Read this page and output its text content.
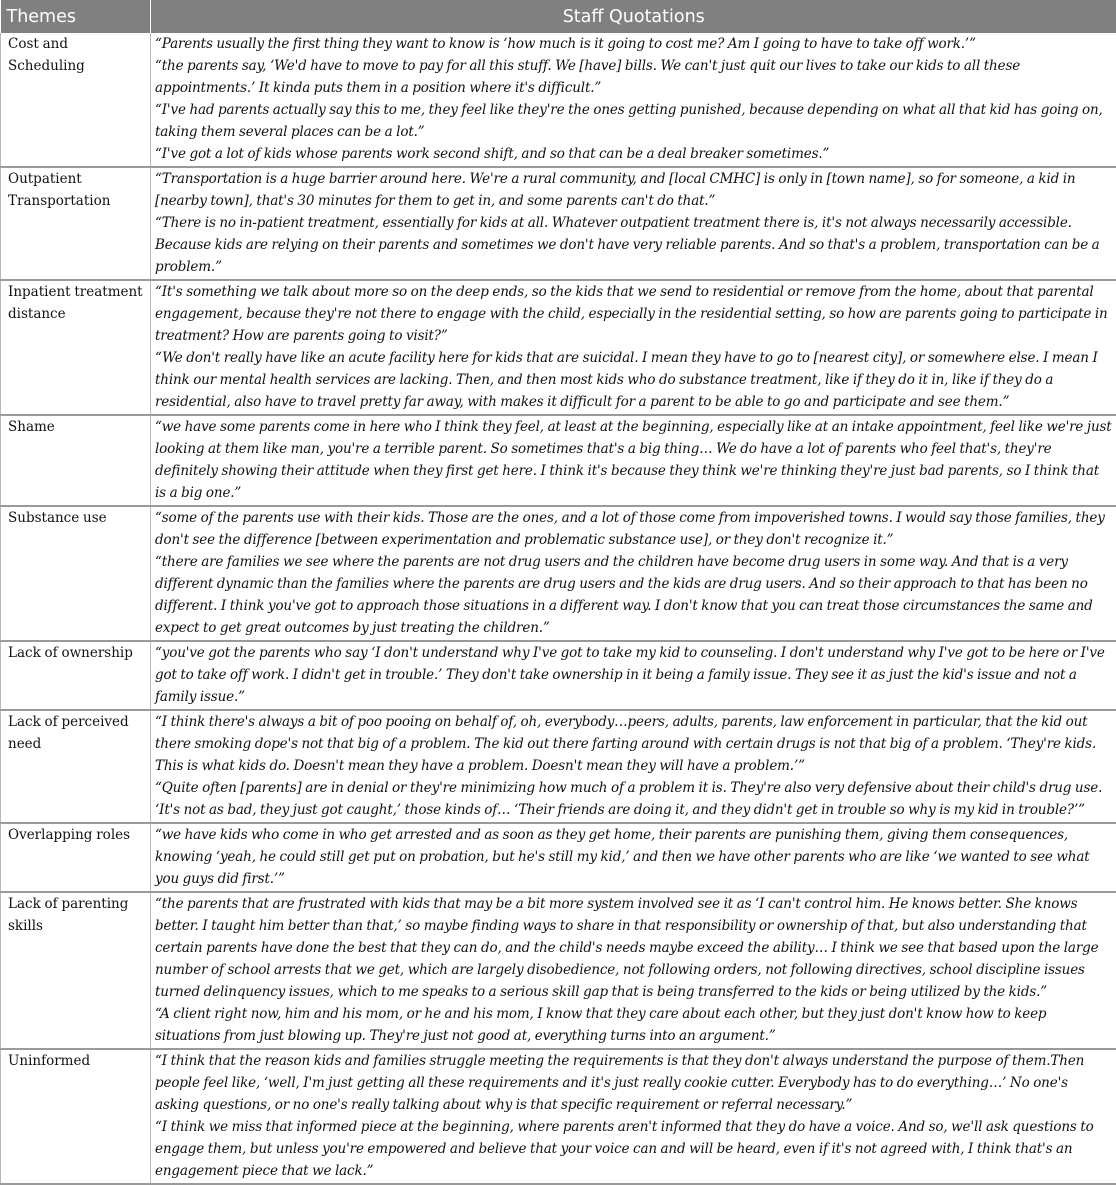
Themes	Staff Quotations
Cost and Scheduling	“Parents usually the first thing they want to know is ‘how much is it going to cost me? Am I going to have to take off work.’”
“the parents say, ‘We'd have to move to pay for all this stuff. We [have] bills. We can't just quit our lives to take our kids to all these appointments.’ It kinda puts them in a position where it's difficult.”
“I've had parents actually say this to me, they feel like they're the ones getting punished, because depending on what all that kid has going on, taking them several places can be a lot.”
“I've got a lot of kids whose parents work second shift, and so that can be a deal breaker sometimes.”

Outpatient Transportation	“Transportation is a huge barrier around here. We're a rural community, and [local CMHC] is only in [town name], so for someone, a kid in [nearby town], that's 30 minutes for them to get in, and some parents can't do that.”
“There is no in-patient treatment, essentially for kids at all. Whatever outpatient treatment there is, it's not always necessarily accessible. Because kids are relying on their parents and sometimes we don't have very reliable parents. And so that's a problem, transportation can be a problem.”

Inpatient treatment distance	“It's something we talk about more so on the deep ends, so the kids that we send to residential or remove from the home, about that parental engagement, because they're not there to engage with the child, especially in the residential setting, so how are parents going to participate in treatment? How are parents going to visit?”
“We don't really have like an acute facility here for kids that are suicidal. I mean they have to go to [nearest city], or somewhere else. I mean I think our mental health services are lacking. Then, and then most kids who do substance treatment, like if they do it in, like if they do a residential, also have to travel pretty far away, with makes it difficult for a parent to be able to go and participate and see them.”

Shame	“we have some parents come in here who I think they feel, at least at the beginning, especially like at an intake appointment, feel like we're just looking at them like man, you're a terrible parent. So sometimes that's a big thing… We do have a lot of parents who feel that's, they're definitely showing their attitude when they first get here. I think it's because they think we're thinking they're just bad parents, so I think that is a big one.”

Substance use	“some of the parents use with their kids. Those are the ones, and a lot of those come from impoverished towns. I would say those families, they don't see the difference [between experimentation and problematic substance use], or they don't recognize it.”
“there are families we see where the parents are not drug users and the children have become drug users in some way. And that is a very different dynamic than the families where the parents are drug users and the kids are drug users. And so their approach to that has been no different. I think you've got to approach those situations in a different way. I don't know that you can treat those circumstances the same and expect to get great outcomes by just treating the children.”

Lack of ownership	“you've got the parents who say ‘I don't understand why I've got to take my kid to counseling. I don't understand why I've got to be here or I've got to take off work. I didn't get in trouble.’ They don't take ownership in it being a family issue. They see it as just the kid's issue and not a family issue.”

Lack of perceived need	“I think there's always a bit of poo pooing on behalf of, oh, everybody…peers, adults, parents, law enforcement in particular, that the kid out there smoking dope's not that big of a problem. The kid out there farting around with certain drugs is not that big of a problem. ‘They're kids. This is what kids do. Doesn't mean they have a problem. Doesn't mean they will have a problem.’”
“Quite often [parents] are in denial or they're minimizing how much of a problem it is. They're also very defensive about their child's drug use. ‘It's not as bad, they just got caught,’ those kinds of… ‘Their friends are doing it, and they didn't get in trouble so why is my kid in trouble?’”

Overlapping roles	“we have kids who come in who get arrested and as soon as they get home, their parents are punishing them, giving them consequences, knowing ‘yeah, he could still get put on probation, but he's still my kid,’ and then we have other parents who are like ‘we wanted to see what you guys did first.’”

Lack of parenting skills	“the parents that are frustrated with kids that may be a bit more system involved see it as ‘I can't control him. He knows better. She knows better. I taught him better than that,’ so maybe finding ways to share in that responsibility or ownership of that, but also understanding that certain parents have done the best that they can do, and the child's needs maybe exceed the ability… I think we see that based upon the large number of school arrests that we get, which are largely disobedience, not following orders, not following directives, school discipline issues turned delinquency issues, which to me speaks to a serious skill gap that is being transferred to the kids or being utilized by the kids.”
“A client right now, him and his mom, or he and his mom, I know that they care about each other, but they just don't know how to keep situations from just blowing up. They're just not good at, everything turns into an argument.”

Uninformed	“I think that the reason kids and families struggle meeting the requirements is that they don't always understand the purpose of them.Then people feel like, ‘well, I'm just getting all these requirements and it's just really cookie cutter. Everybody has to do everything…’ No one's asking questions, or no one's really talking about why is that specific requirement or referral necessary.”
“I think we miss that informed piece at the beginning, where parents aren't informed that they do have a voice. And so, we'll ask questions to engage them, but unless you're empowered and believe that your voice can and will be heard, even if it's not agreed with, I think that's an engagement piece that we lack.”
